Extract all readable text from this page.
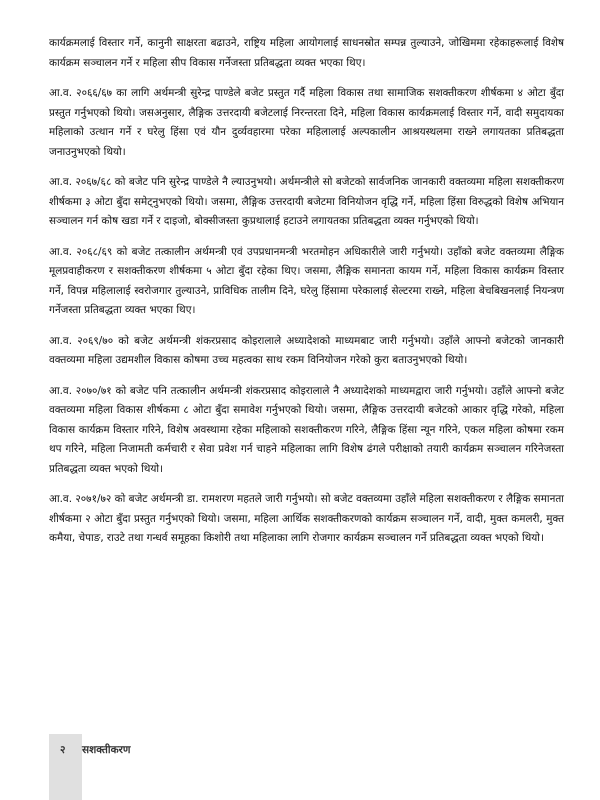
कार्यक्रमलाई विस्तार गर्ने, कानुनी साक्षरता बढाउने, राष्ट्रिय महिला आयोगलाई साधनस्रोत सम्पन्न तुल्याउने, जोखिममा रहेकाहरूलाई विशेष कार्यक्रम सञ्चालन गर्ने र महिला सीप विकास गर्नेजस्ता प्रतिबद्धता व्यक्त भएका थिए।

आ.व. २०६६/६७ का लागि अर्थमन्त्री सुरेन्द्र पाण्डेले बजेट प्रस्तुत गर्दै महिला विकास तथा सामाजिक सशक्तीकरण शीर्षकमा ४ ओटा बुँदा प्रस्तुत गर्नुभएको थियो। जसअनुसार, लैङ्गिक उत्तरदायी बजेटलाई निरन्तरता दिने, महिला विकास कार्यक्रमलाई विस्तार गर्ने, वादी समुदायका महिलाको उत्थान गर्ने र घरेलु हिंसा एवं यौन दुर्व्यवहारमा परेका महिलालाई अल्पकालीन आश्रयस्थलमा राख्ने लगायतका प्रतिबद्धता जनाउनुभएको थियो।

आ.व. २०६७/६८ को बजेट पनि सुरेन्द्र पाण्डेले नै ल्याउनुभयो। अर्थमन्त्रीले सो बजेटको सार्वजनिक जानकारी वक्तव्यमा महिला सशक्तीकरण शीर्षकमा ३ ओटा बुँदा समेट्नुभएको थियो। जसमा, लैङ्गिक उत्तरदायी बजेटमा विनियोजन वृद्धि गर्ने, महिला हिंसा विरुद्धको विशेष अभियान सञ्चालन गर्न कोष खडा गर्ने र दाइजो, बोक्सीजस्ता कुप्रथालाई हटाउने लगायतका प्रतिबद्धता व्यक्त गर्नुभएको थियो।

आ.व. २०६८/६९ को बजेट तत्कालीन अर्थमन्त्री एवं उपप्रधानमन्त्री भरतमोहन अधिकारीले जारी गर्नुभयो। उहाँको बजेट वक्तव्यमा लैङ्गिक मूलप्रवाहीकरण र सशक्तीकरण शीर्षकमा ५ ओटा बुँदा रहेका थिए। जसमा, लैङ्गिक समानता कायम गर्ने, महिला विकास कार्यक्रम विस्तार गर्ने, विपन्न महिलालाई स्वरोजगार तुल्याउने, प्राविधिक तालीम दिने, घरेलु हिंसामा परेकालाई सेल्टरमा राख्ने, महिला बेचबिखनलाई नियन्त्रण गर्नेजस्ता प्रतिबद्धता व्यक्त भएका थिए।

आ.व. २०६९/७० को बजेट अर्थमन्त्री शंकरप्रसाद कोइरालाले अध्यादेशको माध्यमबाट जारी गर्नुभयो। उहाँले आफ्नो बजेटको जानकारी वक्तव्यमा महिला उद्यमशील विकास कोषमा उच्च महत्वका साथ रकम विनियोजन गरेको कुरा बताउनुभएको थियो।

आ.व. २०७०/७१ को बजेट पनि तत्कालीन अर्थमन्त्री शंकरप्रसाद कोइरालाले नै अध्यादेशको माध्यमद्वारा जारी गर्नुभयो। उहाँले आफ्नो बजेट वक्तव्यमा महिला विकास शीर्षकमा ८ ओटा बुँदा समावेश गर्नुभएको थियो। जसमा, लैङ्गिक उत्तरदायी बजेटको आकार वृद्धि गरेको, महिला विकास कार्यक्रम विस्तार गरिने, विशेष अवस्थामा रहेका महिलाको सशक्तीकरण गरिने, लैङ्गिक हिंसा न्यून गरिने, एकल महिला कोषमा रकम थप गरिने, महिला निजामती कर्मचारी र सेवा प्रवेश गर्न चाहने महिलाका लागि विशेष ढंगले परीक्षाको तयारी कार्यक्रम सञ्चालन गरिनेजस्ता प्रतिबद्धता व्यक्त भएको थियो।

आ.व. २०७१/७२ को बजेट अर्थमन्त्री डा. रामशरण महतले जारी गर्नुभयो। सो बजेट वक्तव्यमा उहाँले महिला सशक्तीकरण र लैङ्गिक समानता शीर्षकमा २ ओटा बुँदा प्रस्तुत गर्नुभएको थियो। जसमा, महिला आर्थिक सशक्तीकरणको कार्यक्रम सञ्चालन गर्ने, वादी, मुक्त कमलरी, मुक्त कमैया, चेपाङ, राउटे तथा गन्धर्व समूहका किशोरी तथा महिलाका लागि रोजगार कार्यक्रम सञ्चालन गर्ने प्रतिबद्धता व्यक्त भएको थियो।

२ सशक्तीकरण
